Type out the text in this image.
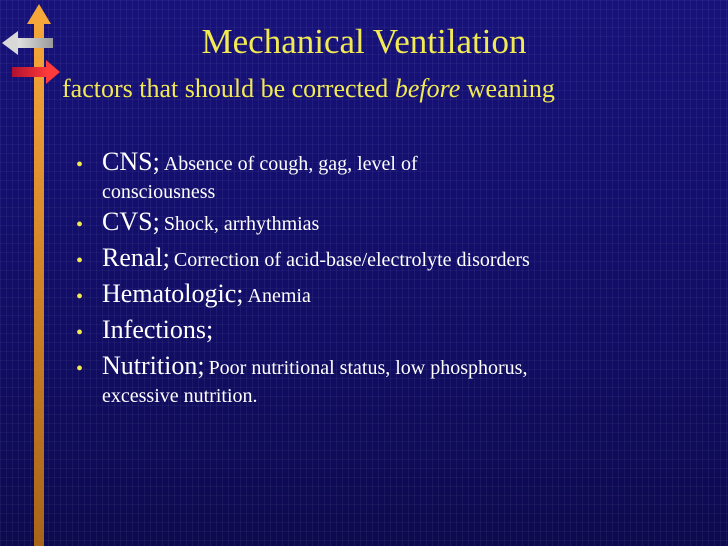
Mechanical Ventilation
factors that should be corrected before weaning
• CNS; Absence of cough, gag, level of
consciousness
• CVS; Shock, arrhythmias
• Renal; Correction of acid-base/electrolyte disorders
• Hematologic; Anemia
• Infections;
• Nutrition; Poor nutritional status, low phosphorus,
excessive nutrition.
